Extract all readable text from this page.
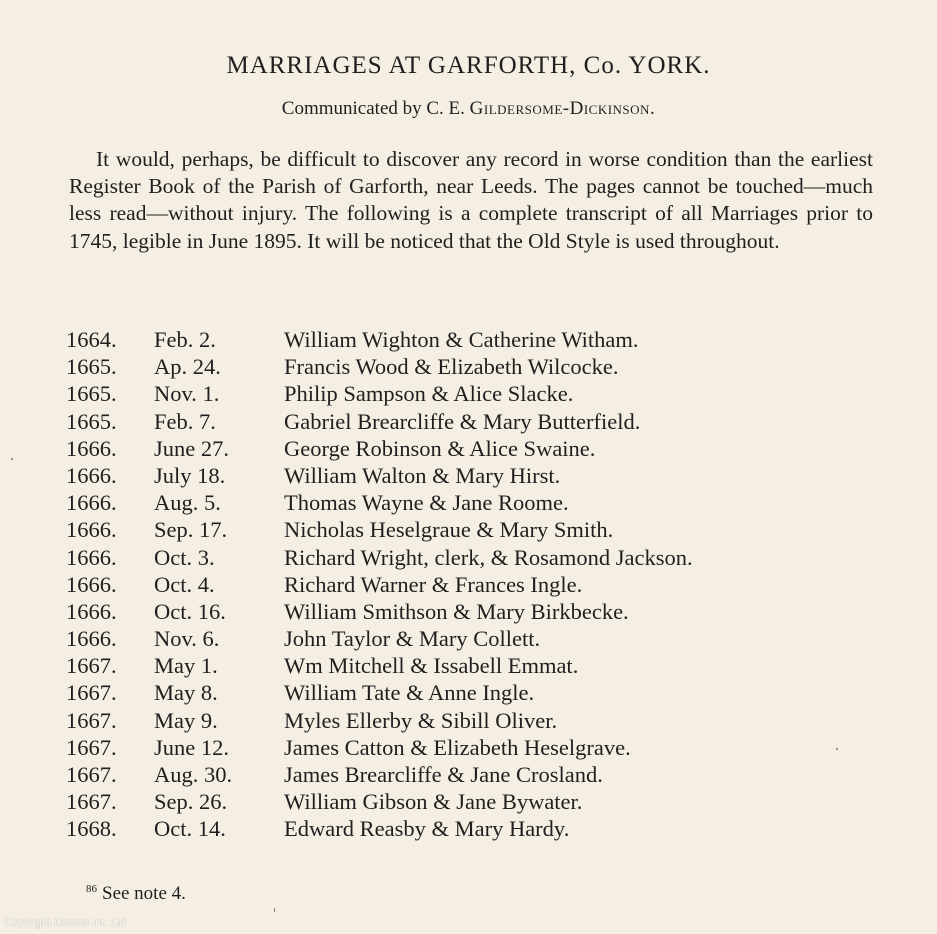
MARRIAGES AT GARFORTH, Co. YORK.
Communicated by C. E. Gildersome-Dickinson.

It would, perhaps, be difficult to discover any record in worse condition than the earliest Register Book of the Parish of Garforth, near Leeds. The pages cannot be touched—much less read—without injury. The following is a complete transcript of all Marriages prior to 1745, legible in June 1895. It will be noticed that the Old Style is used throughout.

1664.	Feb. 2.	William Wighton & Catherine Witham.
1665.	Ap. 24.	Francis Wood & Elizabeth Wilcocke.
1665.	Nov. 1.	Philip Sampson & Alice Slacke.
1665.	Feb. 7.	Gabriel Brearcliffe & Mary Butterfield.
1666.	June 27.	George Robinson & Alice Swaine.
1666.	July 18.	William Walton & Mary Hirst.
1666.	Aug. 5.	Thomas Wayne & Jane Roome.
1666.	Sep. 17.	Nicholas Heselgraue & Mary Smith.
1666.	Oct. 3.	Richard Wright, clerk, & Rosamond Jackson.
1666.	Oct. 4.	Richard Warner & Frances Ingle.
1666.	Oct. 16.	William Smithson & Mary Birkbecke.
1666.	Nov. 6.	John Taylor & Mary Collett.
1667.	May 1.	Wm Mitchell & Issabell Emmat.
1667.	May 8.	William Tate & Anne Ingle.
1667.	May 9.	Myles Ellerby & Sibill Oliver.
1667.	June 12.	James Catton & Elizabeth Heselgrave.
1667.	Aug. 30.	James Brearcliffe & Jane Crosland.
1667.	Sep. 26.	William Gibson & Jane Bywater.
1668.	Oct. 14.	Edward Reasby & Mary Hardy.
$^{86}$ See note 4.
Copyright Cosmo Int. Ltd
